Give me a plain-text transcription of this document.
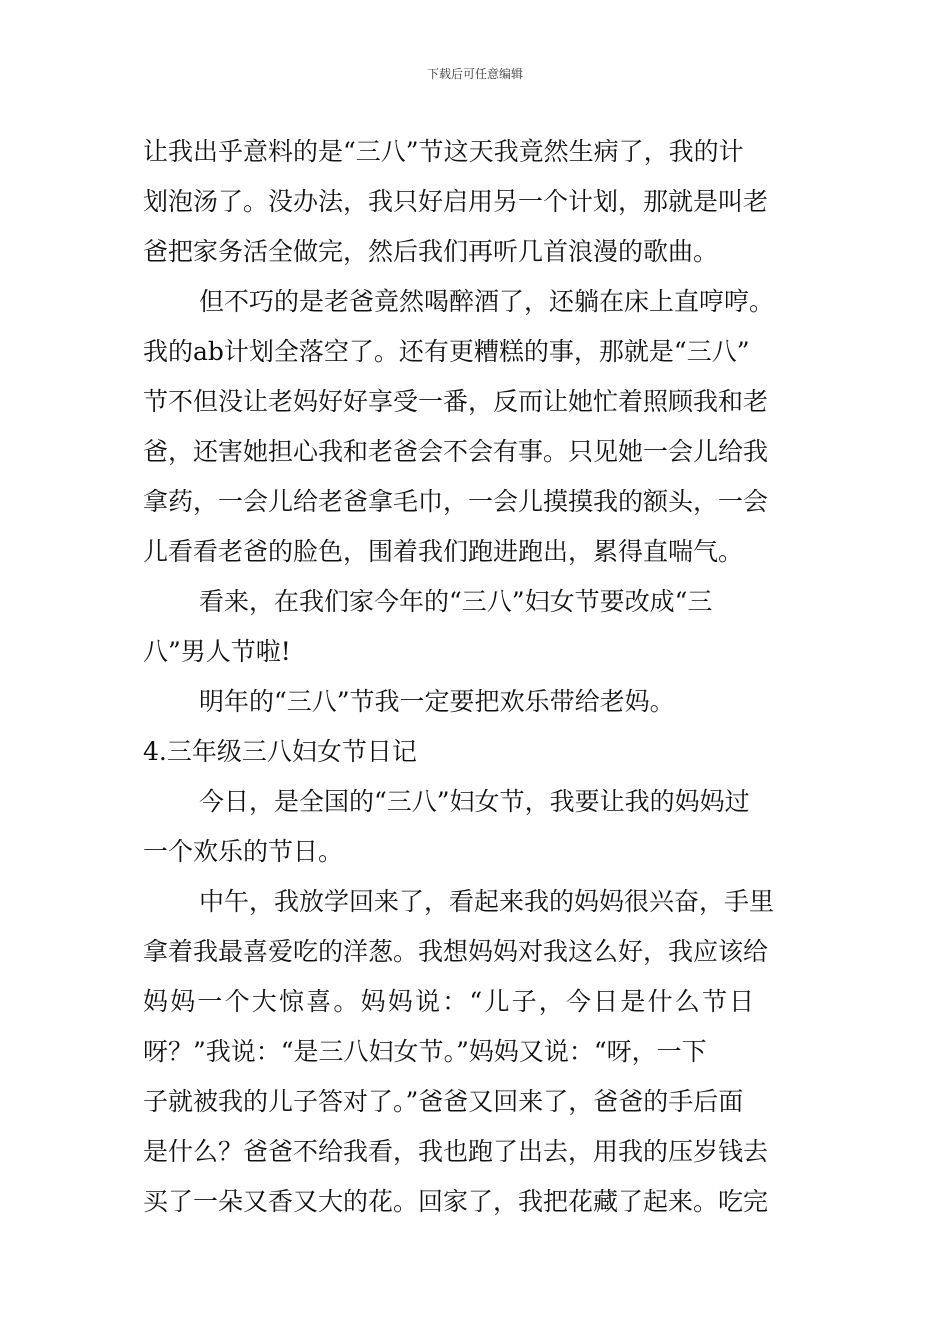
下载后可任意编辑
让我出乎意料的是“三八”节这天我竟然生病了，我的计
划泡汤了。没办法，我只好启用另一个计划，那就是叫老
爸把家务活全做完，然后我们再听几首浪漫的歌曲。
但不巧的是老爸竟然喝醉酒了，还躺在床上直哼哼。
我的ab计划全落空了。还有更糟糕的事，那就是“三八”
节不但没让老妈好好享受一番，反而让她忙着照顾我和老
爸，还害她担心我和老爸会不会有事。只见她一会儿给我
拿药，一会儿给老爸拿毛巾，一会儿摸摸我的额头，一会
儿看看老爸的脸色，围着我们跑进跑出，累得直喘气。
看来，在我们家今年的“三八”妇女节要改成“三
八”男人节啦!
明年的“三八”节我一定要把欢乐带给老妈。
4.三年级三八妇女节日记
今日，是全国的“三八”妇女节，我要让我的妈妈过
一个欢乐的节日。
中午，我放学回来了，看起来我的妈妈很兴奋，手里
拿着我最喜爱吃的洋葱。我想妈妈对我这么好，我应该给
妈妈一个大惊喜。妈妈说：“儿子，今日是什么节日
呀？”我说：“是三八妇女节。”妈妈又说：“呀，一下
子就被我的儿子答对了。”爸爸又回来了，爸爸的手后面
是什么？爸爸不给我看，我也跑了出去，用我的压岁钱去
买了一朵又香又大的花。回家了，我把花藏了起来。吃完
